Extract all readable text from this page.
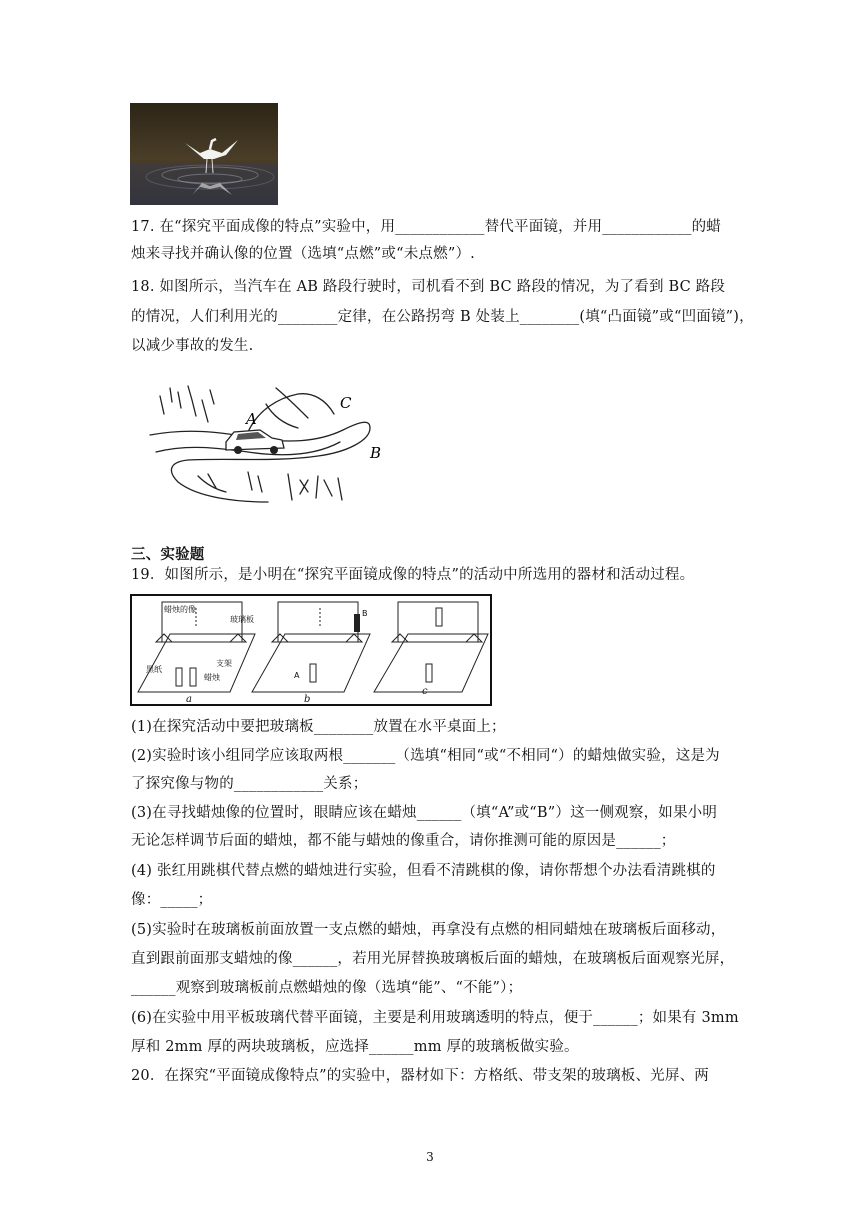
17. 在“探究平面成像的特点”实验中，用____________替代平面镜，并用____________的蜡
烛来寻找并确认像的位置（选填“点燃”或“未点燃”）.
18. 如图所示，当汽车在 AB 路段行驶时，司机看不到 BC 路段的情况，为了看到 BC 路段
的情况，人们利用光的________定律，在公路拐弯 B 处装上________(填“凸面镜”或“凹面镜”)，
以减少事故的发生.
A
B
C
三、实验题
19．如图所示，是小明在“探究平面镜成像的特点”的活动中所选用的器材和活动过程。
蜡烛的像
玻璃板
黑纸
支架
蜡烛
B
A
a	b
c
(1)在探究活动中要把玻璃板________放置在水平桌面上；
(2)实验时该小组同学应该取两根_______（选填“相同“或“不相同“）的蜡烛做实验，这是为
了探究像与物的____________关系；
(3)在寻找蜡烛像的位置时，眼睛应该在蜡烛______（填“A”或“B”）这一侧观察，如果小明
无论怎样调节后面的蜡烛，都不能与蜡烛的像重合，请你推测可能的原因是______；
(4) 张红用跳棋代替点燃的蜡烛进行实验，但看不清跳棋的像，请你帮想个办法看清跳棋的
像：_____；
(5)实验时在玻璃板前面放置一支点燃的蜡烛，再拿没有点燃的相同蜡烛在玻璃板后面移动，
直到跟前面那支蜡烛的像______，若用光屏替换玻璃板后面的蜡烛，在玻璃板后面观察光屏，
______观察到玻璃板前点燃蜡烛的像（选填“能”、“不能”）；
(6)在实验中用平板玻璃代替平面镜，主要是利用玻璃透明的特点，便于______；如果有 3mm
厚和 2mm 厚的两块玻璃板，应选择______mm 厚的玻璃板做实验。
20．在探究“平面镜成像特点”的实验中，器材如下：方格纸、带支架的玻璃板、光屏、两
3
